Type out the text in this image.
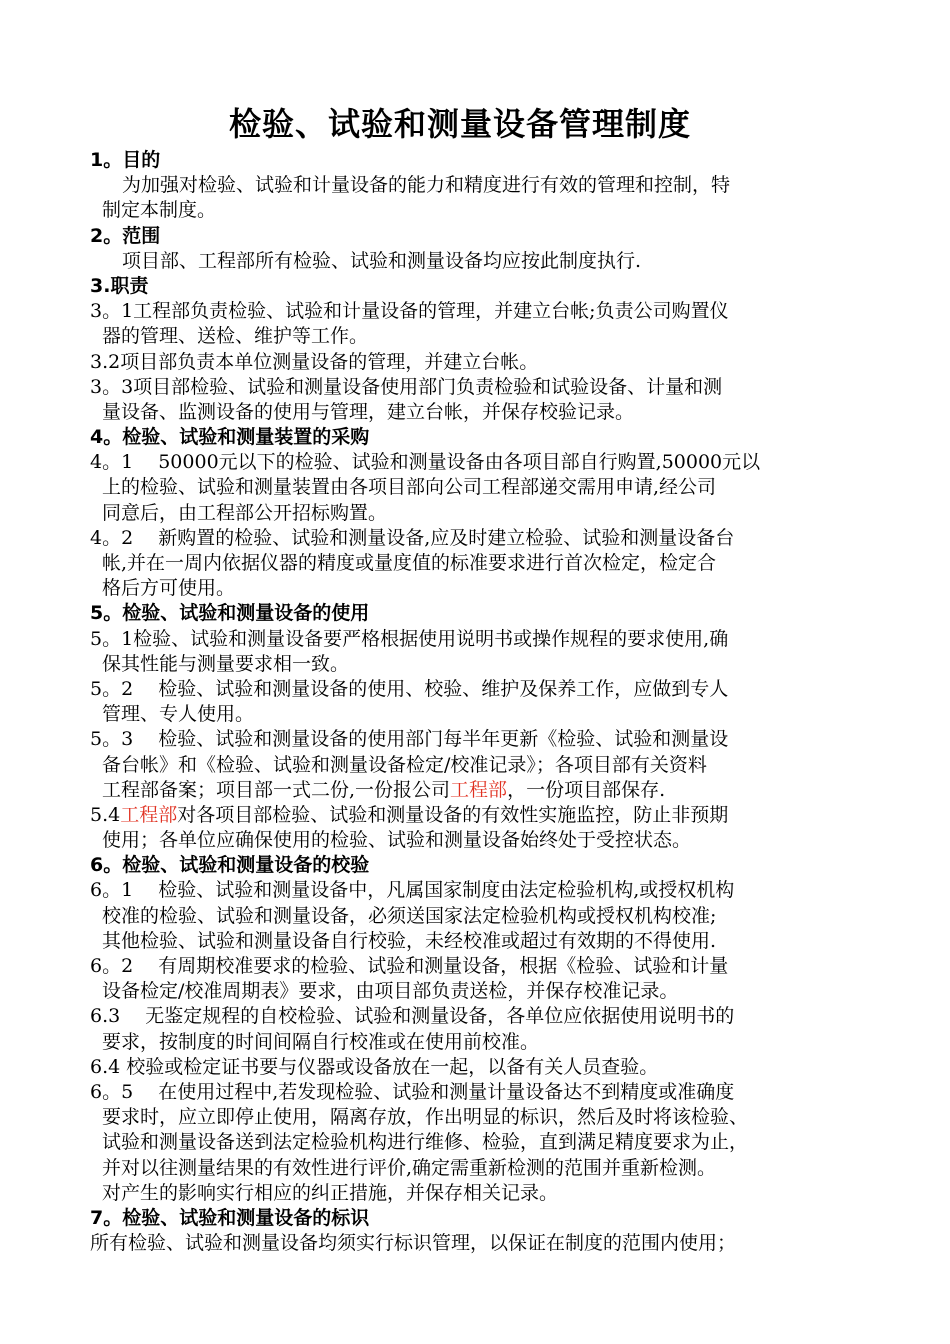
检验、试验和测量设备管理制度
1。目的
为加强对检验、试验和计量设备的能力和精度进行有效的管理和控制，特
制定本制度。
2。范围
项目部、工程部所有检验、试验和测量设备均应按此制度执行.
3.职责
3。1工程部负责检验、试验和计量设备的管理，并建立台帐;负责公司购置仪
器的管理、送检、维护等工作。
3.2项目部负责本单位测量设备的管理，并建立台帐。
3。3项目部检验、试验和测量设备使用部门负责检验和试验设备、计量和测
量设备、监测设备的使用与管理，建立台帐，并保存校验记录。
4。检验、试验和测量装置的采购
4。1　 50000元以下的检验、试验和测量设备由各项目部自行购置,50000元以
上的检验、试验和测量装置由各项目部向公司工程部递交需用申请,经公司
同意后，由工程部公开招标购置。
4。2　 新购置的检验、试验和测量设备,应及时建立检验、试验和测量设备台
帐,并在一周内依据仪器的精度或量度值的标准要求进行首次检定，检定合
格后方可使用。
5。检验、试验和测量设备的使用
5。1检验、试验和测量设备要严格根据使用说明书或操作规程的要求使用,确
保其性能与测量要求相一致。
5。2　 检验、试验和测量设备的使用、校验、维护及保养工作，应做到专人
管理、专人使用。
5。3　 检验、试验和测量设备的使用部门每半年更新《检验、试验和测量设
备台帐》和《检验、试验和测量设备检定/校准记录》；各项目部有关资料
工程部备案；项目部一式二份,一份报公司工程部，一份项目部保存.
5.4工程部对各项目部检验、试验和测量设备的有效性实施监控，防止非预期
使用；各单位应确保使用的检验、试验和测量设备始终处于受控状态。
6。检验、试验和测量设备的校验
6。1　 检验、试验和测量设备中，凡属国家制度由法定检验机构,或授权机构
校准的检验、试验和测量设备，必须送国家法定检验机构或授权机构校准;
其他检验、试验和测量设备自行校验，未经校准或超过有效期的不得使用.
6。2　 有周期校准要求的检验、试验和测量设备，根据《检验、试验和计量
设备检定/校准周期表》要求，由项目部负责送检，并保存校准记录。
6.3　 无鉴定规程的自校检验、试验和测量设备，各单位应依据使用说明书的
要求，按制度的时间间隔自行校准或在使用前校准。
6.4 校验或检定证书要与仪器或设备放在一起，以备有关人员查验。
6。5　 在使用过程中,若发现检验、试验和测量计量设备达不到精度或准确度
要求时，应立即停止使用，隔离存放，作出明显的标识，然后及时将该检验、
试验和测量设备送到法定检验机构进行维修、检验，直到满足精度要求为止，
并对以往测量结果的有效性进行评价,确定需重新检测的范围并重新检测。
对产生的影响实行相应的纠正措施，并保存相关记录。
7。检验、试验和测量设备的标识
所有检验、试验和测量设备均须实行标识管理，以保证在制度的范围内使用；
